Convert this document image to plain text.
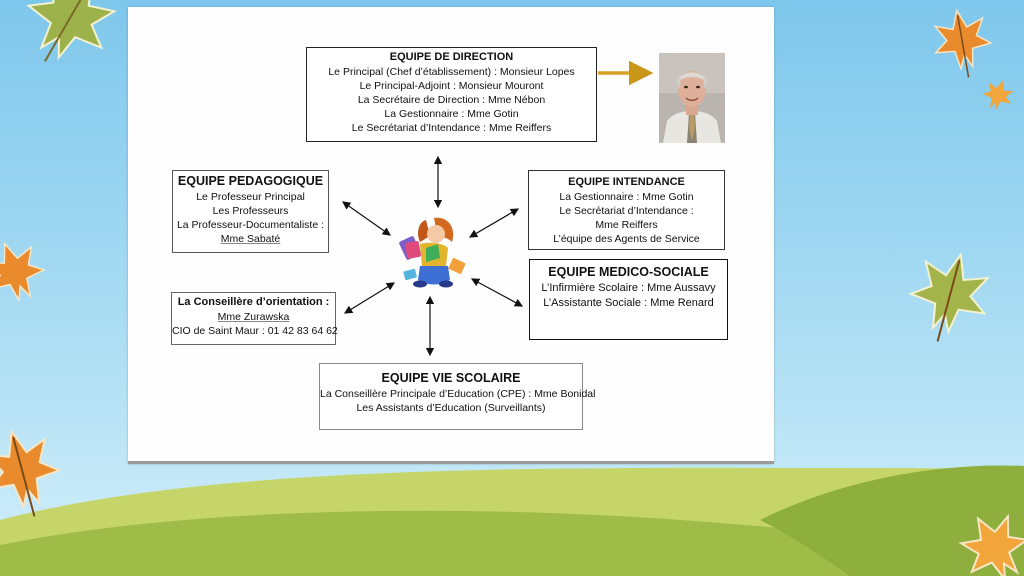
EQUIPE DE DIRECTION
Le Principal (Chef d’établissement) : Monsieur Lopes
Le Principal-Adjoint : Monsieur Mouront
La Secrétaire de Direction : Mme Nébon
La Gestionnaire : Mme Gotin
Le Secrétariat d’Intendance : Mme Reiffers
EQUIPE PEDAGOGIQUE
Le Professeur Principal
Les Professeurs
La Professeur-Documentaliste :
Mme Sabaté
EQUIPE INTENDANCE
La Gestionnaire : Mme Gotin
Le Secrétariat d’Intendance :
Mme Reiffers
L’équipe des Agents de Service
EQUIPE MEDICO-SOCIALE
L’Infirmière Scolaire : Mme Aussavy
L’Assistante Sociale : Mme Renard
La Conseillère d’orientation :
Mme Zurawska
CIO de Saint Maur : 01 42 83 64 62
EQUIPE VIE SCOLAIRE
La Conseillère Principale d’Education (CPE) : Mme Bonidal
Les Assistants d’Education (Surveillants)
